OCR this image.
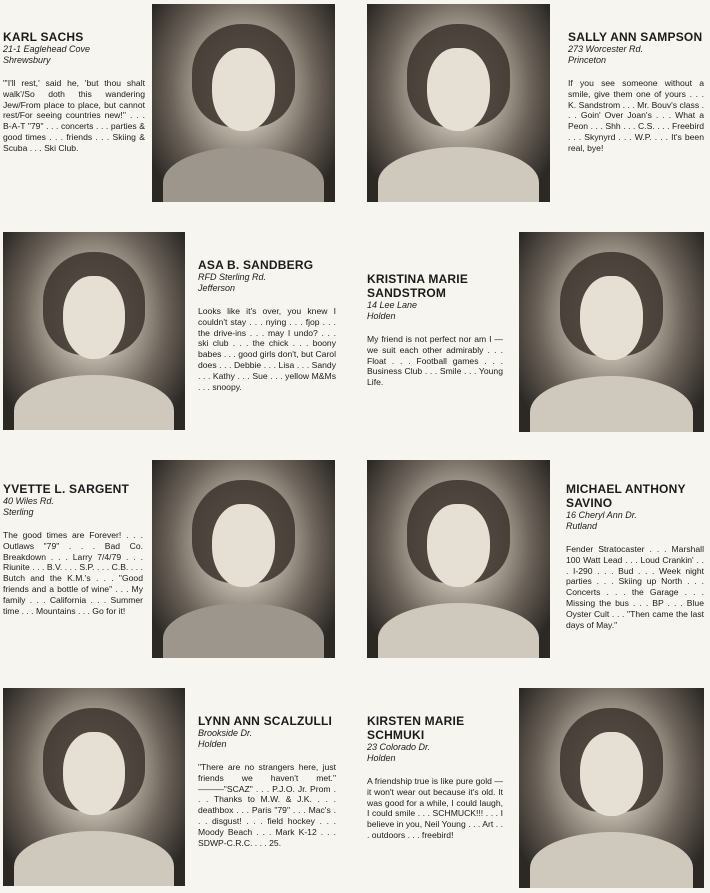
KARL SACHS

21-1 Eaglehead Cove

Shrewsbury

"'I'll rest,' said he, 'but thou shalt walk'/So doth this wandering Jew/From place to place, but cannot rest/For seeing countries new!'' . . . B-A-T "79" . . . concerts . . . parties & good times . . . friends . . . Skiing & Scuba . . . Ski Club.

SALLY ANN SAMPSON

273 Worcester Rd.

Princeton

If you see someone without a smile, give them one of yours . . . K. Sandstrom . . . Mr. Bouv's class . . . Goin' Over Joan's . . . What a Peon . . . Shh . . . C.S. . . . Freebird . . . Skynyrd . . . W.P. . . . It's been real, bye!

ASA B. SANDBERG

RFD Sterling Rd.

Jefferson

Looks like it's over, you knew I couldn't stay . . . nying . . . fjop . . . the drive-ins . . . may I undo? . . . ski club . . . the chick . . . boony babes . . . good girls don't, but Carol does . . . Debbie . . . Lisa . . . Sandy . . . Kathy . . . Sue . . . yellow M&Ms . . . snoopy.

KRISTINA MARIE SANDSTROM

14 Lee Lane

Holden

My friend is not perfect nor am I — we suit each other admirably . . . Float . . . Football games . . . Business Club . . . Smile . . . Young Life.

YVETTE L. SARGENT

40 Wiles Rd.

Sterling

The good times are Forever! . . . Outlaws "79" . . . Bad Co. Breakdown . . . Larry 7/4/79 . . . Riunite . . . B.V. . . . S.P. . . . C.B. . . . Butch and the K.M.'s . . . "Good friends and a bottle of wine" . . . My family . . . California . . . Summer time . . . Mountains . . . Go for it!

MICHAEL ANTHONY SAVINO

16 Cheryl Ann Dr.

Rutland

Fender Stratocaster . . . Marshall 100 Watt Lead . . . Loud Crankin' . . . I-290 . . . Bud . . . Week night parties . . . Skiing up North . . . Concerts . . . the Garage . . . Missing the bus . . . BP . . . Blue Oyster Cult . . . "Then came the last days of May."

LYNN ANN SCALZULLI

Brookside Dr.

Holden

"There are no strangers here, just friends we haven't met." ———"SCAZ" . . . P.J.O. Jr. Prom . . . Thanks to M.W. & J.K. . . . deathbox . . . Paris "79" . . . Mac's . . . disgust! . . . field hockey . . . Moody Beach . . . Mark K-12 . . . SDWP-C.R.C. . . . 25.

KIRSTEN MARIE SCHMUKI

23 Colorado Dr.

Holden

A friendship true is like pure gold — it won't wear out because it's old. It was good for a while, I could laugh, I could smile . . . SCHMUCK!!! . . . I believe in you, Neil Young . . . Art . . . outdoors . . . freebird!
